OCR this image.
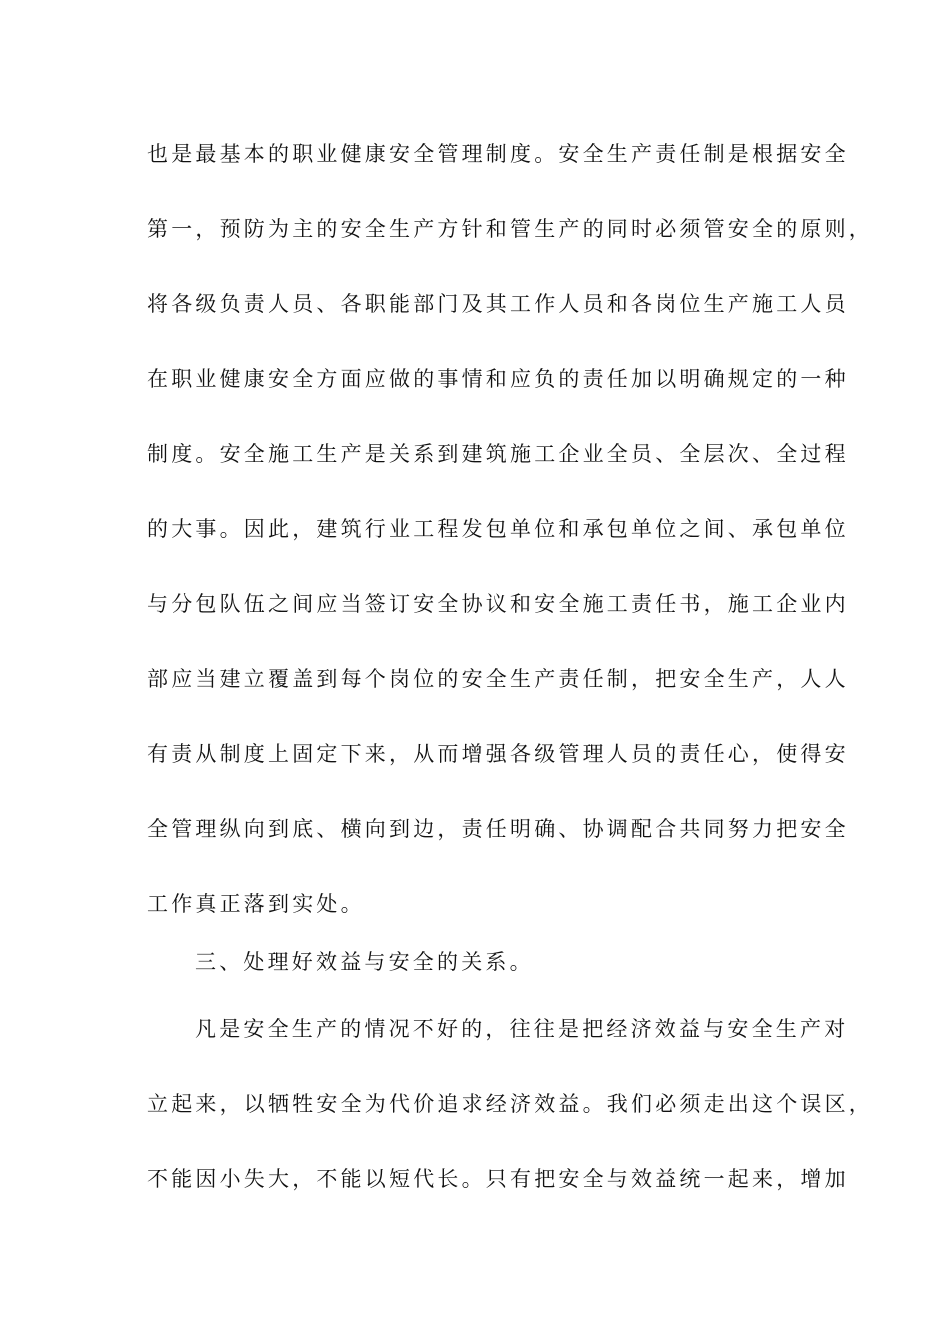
也是最基本的职业健康安全管理制度。安全生产责任制是根据安全
第一，预防为主的安全生产方针和管生产的同时必须管安全的原则，
将各级负责人员、各职能部门及其工作人员和各岗位生产施工人员
在职业健康安全方面应做的事情和应负的责任加以明确规定的一种
制度。安全施工生产是关系到建筑施工企业全员、全层次、全过程
的大事。因此，建筑行业工程发包单位和承包单位之间、承包单位
与分包队伍之间应当签订安全协议和安全施工责任书，施工企业内
部应当建立覆盖到每个岗位的安全生产责任制，把安全生产，人人
有责从制度上固定下来，从而增强各级管理人员的责任心，使得安
全管理纵向到底、横向到边，责任明确、协调配合共同努力把安全
工作真正落到实处。
三、处理好效益与安全的关系。
凡是安全生产的情况不好的，往往是把经济效益与安全生产对
立起来，以牺牲安全为代价追求经济效益。我们必须走出这个误区，
不能因小失大，不能以短代长。只有把安全与效益统一起来，增加
